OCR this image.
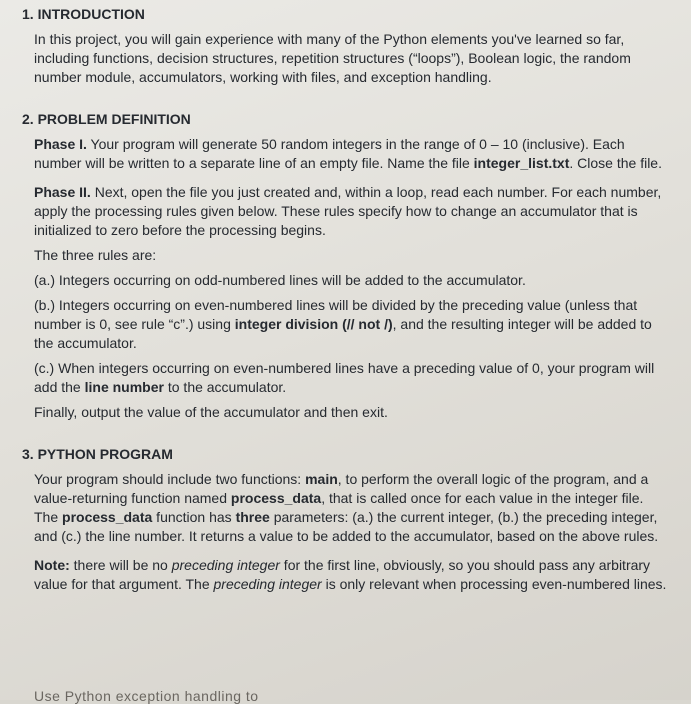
1. INTRODUCTION

In this project, you will gain experience with many of the Python elements you've learned so far, including functions, decision structures, repetition structures (“loops”), Boolean logic, the random number module, accumulators, working with files, and exception handling.

2. PROBLEM DEFINITION

Phase I. Your program will generate 50 random integers in the range of 0 – 10 (inclusive). Each number will be written to a separate line of an empty file. Name the file integer_list.txt. Close the file.

Phase II. Next, open the file you just created and, within a loop, read each number. For each number, apply the processing rules given below. These rules specify how to change an accumulator that is initialized to zero before the processing begins.

The three rules are:

(a.) Integers occurring on odd-numbered lines will be added to the accumulator.

(b.) Integers occurring on even-numbered lines will be divided by the preceding value (unless that number is 0, see rule “c”.) using integer division (// not /), and the resulting integer will be added to the accumulator.

(c.) When integers occurring on even-numbered lines have a preceding value of 0, your program will add the line number to the accumulator.

Finally, output the value of the accumulator and then exit.

3. PYTHON PROGRAM

Your program should include two functions: main, to perform the overall logic of the program, and a value-returning function named process_data, that is called once for each value in the integer file. The process_data function has three parameters: (a.) the current integer, (b.) the preceding integer, and (c.) the line number. It returns a value to be added to the accumulator, based on the above rules.

Note: there will be no preceding integer for the first line, obviously, so you should pass any arbitrary value for that argument. The preceding integer is only relevant when processing even-numbered lines.

Use Python exception handling to
